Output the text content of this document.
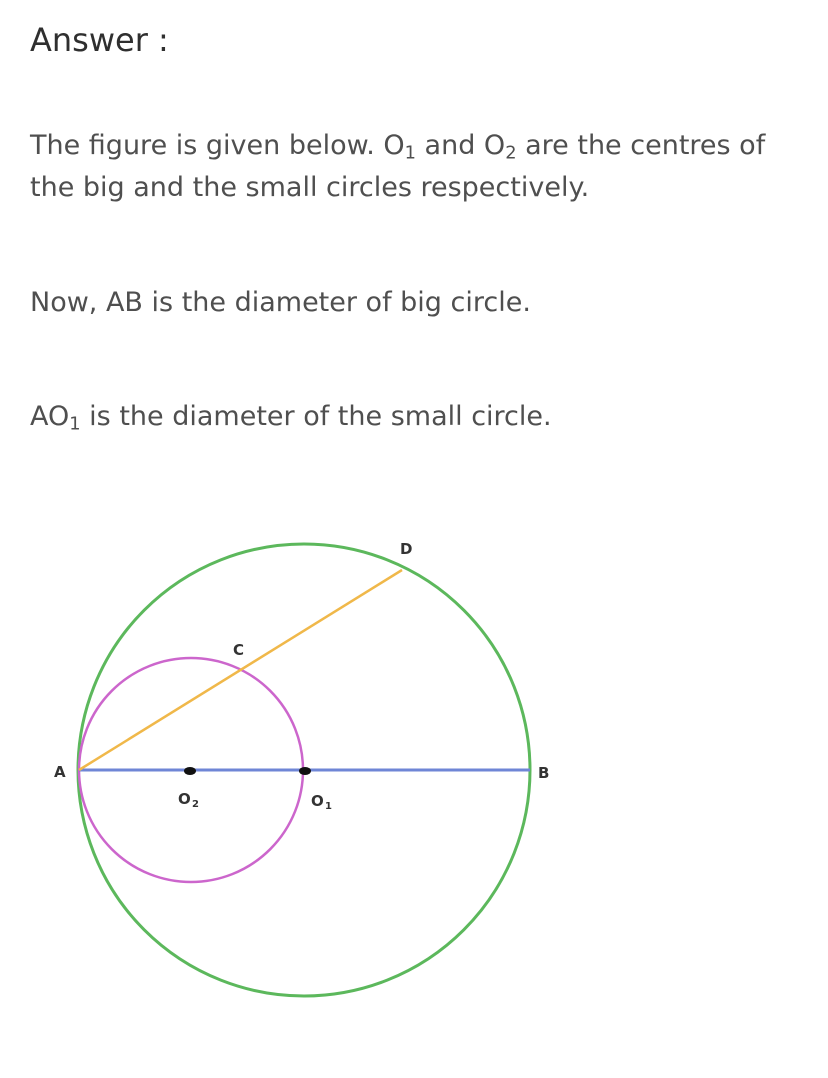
Answer :

The figure is given below. $O_1$ and $O_2$ are the centres of the big and the small circles respectively.

Now, AB is the diameter of big circle.

$AO_1$ is the diameter of the small circle.

A	B
C
D
O 2	O 1
